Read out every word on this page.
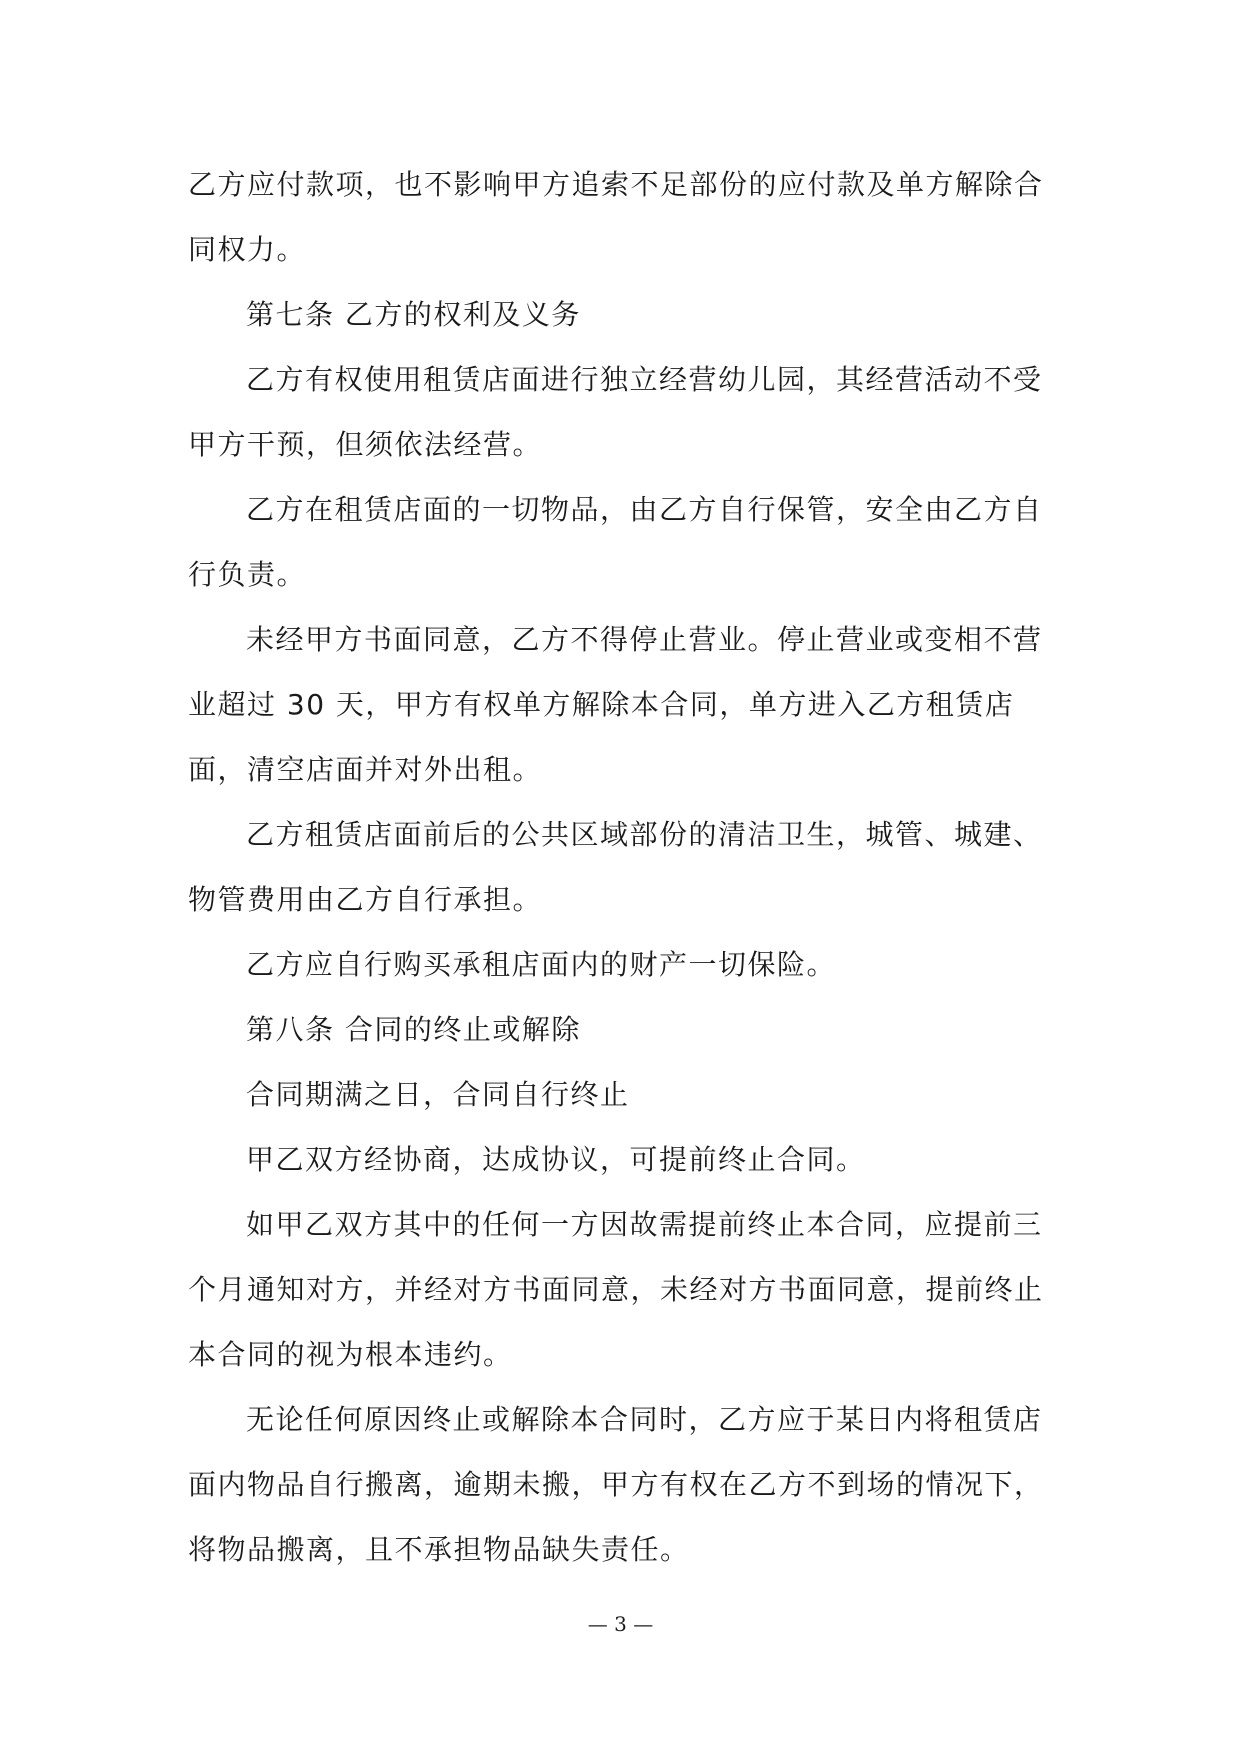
乙方应付款项，也不影响甲方追索不足部份的应付款及单方解除合同权力。

第七条 乙方的权利及义务

乙方有权使用租赁店面进行独立经营幼儿园，其经营活动不受甲方干预，但须依法经营。

乙方在租赁店面的一切物品，由乙方自行保管，安全由乙方自行负责。

未经甲方书面同意，乙方不得停止营业。停止营业或变相不营业超过 30 天，甲方有权单方解除本合同，单方进入乙方租赁店面，清空店面并对外出租。

乙方租赁店面前后的公共区域部份的清洁卫生，城管、城建、物管费用由乙方自行承担。

乙方应自行购买承租店面内的财产一切保险。

第八条 合同的终止或解除

合同期满之日，合同自行终止

甲乙双方经协商，达成协议，可提前终止合同。

如甲乙双方其中的任何一方因故需提前终止本合同，应提前三个月通知对方，并经对方书面同意，未经对方书面同意，提前终止本合同的视为根本违约。

无论任何原因终止或解除本合同时，乙方应于某日内将租赁店面内物品自行搬离，逾期未搬，甲方有权在乙方不到场的情况下，将物品搬离，且不承担物品缺失责任。

— 3 —
